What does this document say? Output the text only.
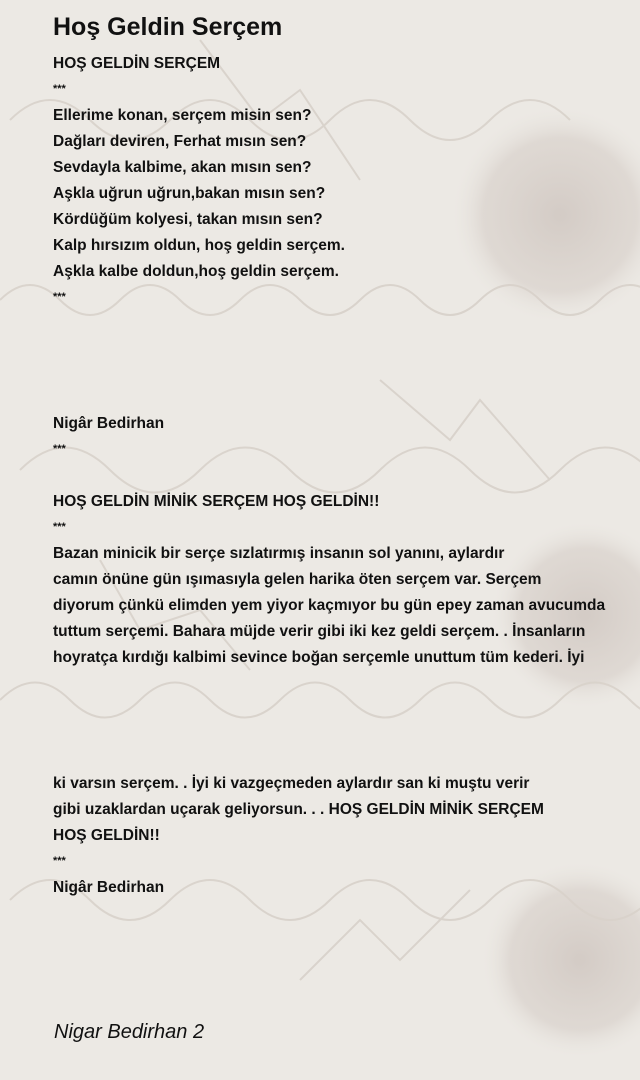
Hoş Geldin Serçem
HOŞ GELDİN SERÇEM
***
Ellerime konan, serçem misin sen?
Dağları deviren, Ferhat mısın sen?
Sevdayla kalbime, akan mısın sen?
Aşkla uğrun uğrun,bakan mısın sen?
Kördüğüm kolyesi, takan mısın sen?
Kalp hırsızım oldun, hoş geldin serçem.
Aşkla kalbe doldun,hoş geldin serçem.
***
Nigâr Bedirhan
***
HOŞ GELDİN MİNİK SERÇEM HOŞ GELDİN!!
***
Bazan minicik bir serçe sızlatırmış insanın sol yanını, aylardır
camın önüne gün ışımasıyla gelen harika öten serçem var. Serçem
diyorum çünkü elimden yem yiyor kaçmıyor bu gün epey zaman avucumda
tuttum serçemi. Bahara müjde verir gibi iki kez geldi serçem. . İnsanların
hoyratça kırdığı kalbimi sevince boğan serçemle unuttum tüm kederi. İyi
ki varsın serçem. . İyi ki vazgeçmeden aylardır san ki muştu verir
gibi uzaklardan uçarak geliyorsun. . . HOŞ GELDİN MİNİK SERÇEM
HOŞ GELDİN!!
***
Nigâr Bedirhan
Nigar Bedirhan 2
